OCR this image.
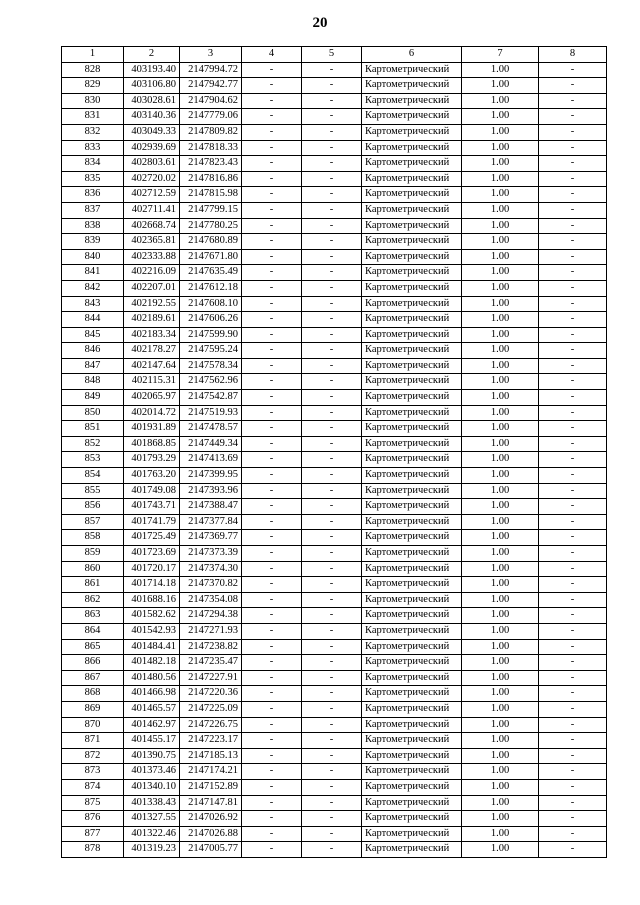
20
1	2	3	4	5	6	7	8
828	403193.40	2147994.72	-	-	Картометрический	1.00	-
829	403106.80	2147942.77	-	-	Картометрический	1.00	-
830	403028.61	2147904.62	-	-	Картометрический	1.00	-
831	403140.36	2147779.06	-	-	Картометрический	1.00	-
832	403049.33	2147809.82	-	-	Картометрический	1.00	-
833	402939.69	2147818.33	-	-	Картометрический	1.00	-
834	402803.61	2147823.43	-	-	Картометрический	1.00	-
835	402720.02	2147816.86	-	-	Картометрический	1.00	-
836	402712.59	2147815.98	-	-	Картометрический	1.00	-
837	402711.41	2147799.15	-	-	Картометрический	1.00	-
838	402668.74	2147780.25	-	-	Картометрический	1.00	-
839	402365.81	2147680.89	-	-	Картометрический	1.00	-
840	402333.88	2147671.80	-	-	Картометрический	1.00	-
841	402216.09	2147635.49	-	-	Картометрический	1.00	-
842	402207.01	2147612.18	-	-	Картометрический	1.00	-
843	402192.55	2147608.10	-	-	Картометрический	1.00	-
844	402189.61	2147606.26	-	-	Картометрический	1.00	-
845	402183.34	2147599.90	-	-	Картометрический	1.00	-
846	402178.27	2147595.24	-	-	Картометрический	1.00	-
847	402147.64	2147578.34	-	-	Картометрический	1.00	-
848	402115.31	2147562.96	-	-	Картометрический	1.00	-
849	402065.97	2147542.87	-	-	Картометрический	1.00	-
850	402014.72	2147519.93	-	-	Картометрический	1.00	-
851	401931.89	2147478.57	-	-	Картометрический	1.00	-
852	401868.85	2147449.34	-	-	Картометрический	1.00	-
853	401793.29	2147413.69	-	-	Картометрический	1.00	-
854	401763.20	2147399.95	-	-	Картометрический	1.00	-
855	401749.08	2147393.96	-	-	Картометрический	1.00	-
856	401743.71	2147388.47	-	-	Картометрический	1.00	-
857	401741.79	2147377.84	-	-	Картометрический	1.00	-
858	401725.49	2147369.77	-	-	Картометрический	1.00	-
859	401723.69	2147373.39	-	-	Картометрический	1.00	-
860	401720.17	2147374.30	-	-	Картометрический	1.00	-
861	401714.18	2147370.82	-	-	Картометрический	1.00	-
862	401688.16	2147354.08	-	-	Картометрический	1.00	-
863	401582.62	2147294.38	-	-	Картометрический	1.00	-
864	401542.93	2147271.93	-	-	Картометрический	1.00	-
865	401484.41	2147238.82	-	-	Картометрический	1.00	-
866	401482.18	2147235.47	-	-	Картометрический	1.00	-
867	401480.56	2147227.91	-	-	Картометрический	1.00	-
868	401466.98	2147220.36	-	-	Картометрический	1.00	-
869	401465.57	2147225.09	-	-	Картометрический	1.00	-
870	401462.97	2147226.75	-	-	Картометрический	1.00	-
871	401455.17	2147223.17	-	-	Картометрический	1.00	-
872	401390.75	2147185.13	-	-	Картометрический	1.00	-
873	401373.46	2147174.21	-	-	Картометрический	1.00	-
874	401340.10	2147152.89	-	-	Картометрический	1.00	-
875	401338.43	2147147.81	-	-	Картометрический	1.00	-
876	401327.55	2147026.92	-	-	Картометрический	1.00	-
877	401322.46	2147026.88	-	-	Картометрический	1.00	-
878	401319.23	2147005.77	-	-	Картометрический	1.00	-
